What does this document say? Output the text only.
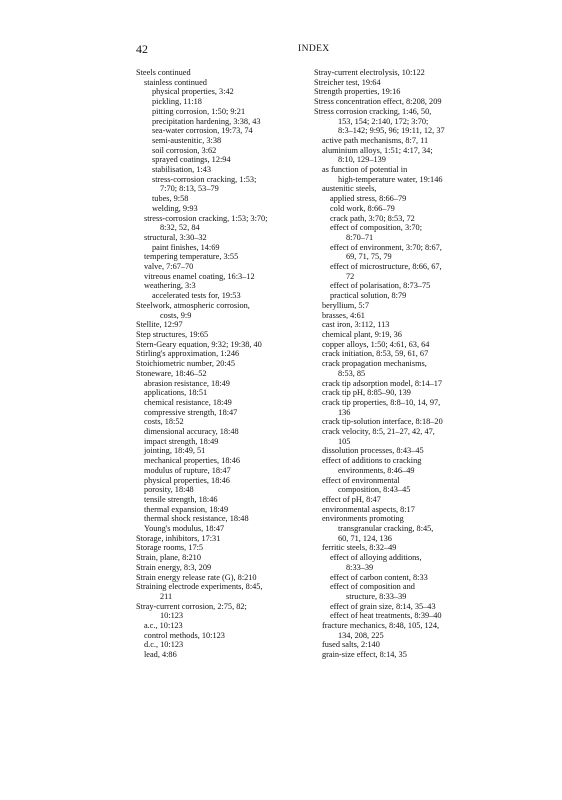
42	INDEX
Steels continued
stainless continued
physical properties, 3:42
pickling, 11:18
pitting corrosion, 1:50; 9:21
precipitation hardening, 3:38, 43
sea-water corrosion, 19:73, 74
semi-austenitic, 3:38
soil corrosion, 3:62
sprayed coatings, 12:94
stabilisation, 1:43
stress-corrosion cracking, 1:53;
7:70; 8:13, 53–79
tubes, 9:58
welding, 9:93
stress-corrosion cracking, 1:53; 3:70;
8:32, 52, 84
structural, 3:30–32
paint finishes, 14:69
tempering temperature, 3:55
valve, 7:67–70
vitreous enamel coating, 16:3–12
weathering, 3:3
accelerated tests for, 19:53
Steelwork, atmospheric corrosion,
costs, 9:9
Stellite, 12:97
Step structures, 19:65
Stern-Geary equation, 9:32; 19:38, 40
Stirling's approximation, 1:246
Stoichiometric number, 20:45
Stoneware, 18:46–52
abrasion resistance, 18:49
applications, 18:51
chemical resistance, 18:49
compressive strength, 18:47
costs, 18:52
dimensional accuracy, 18:48
impact strength, 18:49
jointing, 18:49, 51
mechanical properties, 18:46
modulus of rupture, 18:47
physical properties, 18:46
porosity, 18:48
tensile strength, 18:46
thermal expansion, 18:49
thermal shock resistance, 18:48
Young's modulus, 18:47
Storage, inhibitors, 17:31
Storage rooms, 17:5
Strain, plane, 8:210
Strain energy, 8:3, 209
Strain energy release rate (G), 8:210
Straining electrode experiments, 8:45,
211
Stray-current corrosion, 2:75, 82;
10:123
a.c., 10:123
control methods, 10:123
d.c., 10:123
lead, 4:86
Stray-current electrolysis, 10:122
Streicher test, 19:64
Strength properties, 19:16
Stress concentration effect, 8:208, 209
Stress corrosion cracking, 1:46, 50,
153, 154; 2:140, 172; 3:70;
8:3–142; 9:95, 96; 19:11, 12, 37
active path mechanisms, 8:7, 11
aluminium alloys, 1:51; 4:17, 34;
8:10, 129–139
as function of potential in
high-temperature water, 19:146
austenitic steels,
applied stress, 8:66–79
cold work, 8:66–79
crack path, 3:70; 8:53, 72
effect of composition, 3:70;
8:70–71
effect of environment, 3:70; 8:67,
69, 71, 75, 79
effect of microstructure, 8:66, 67,
72
effect of polarisation, 8:73–75
practical solution, 8:79
beryllium, 5:7
brasses, 4:61
cast iron, 3:112, 113
chemical plant, 9:19, 36
copper alloys, 1:50; 4:61, 63, 64
crack initiation, 8:53, 59, 61, 67
crack propagation mechanisms,
8:53, 85
crack tip adsorption model, 8:14–17
crack tip pH, 8:85–90, 139
crack tip properties, 8:8–10, 14, 97,
136
crack tip-solution interface, 8:18–20
crack velocity, 8:5, 21–27, 42, 47,
105
dissolution processes, 8:43–45
effect of additions to cracking
environments, 8:46–49
effect of environmental
composition, 8:43–45
effect of pH, 8:47
environmental aspects, 8:17
environments promoting
transgranular cracking, 8:45,
60, 71, 124, 136
ferritic steels, 8:32–49
effect of alloying additions,
8:33–39
effect of carbon content, 8:33
effect of composition and
structure, 8:33–39
effect of grain size, 8:14, 35–43
effect of heat treatments, 8:39–40
fracture mechanics, 8:48, 105, 124,
134, 208, 225
fused salts, 2:140
grain-size effect, 8:14, 35
